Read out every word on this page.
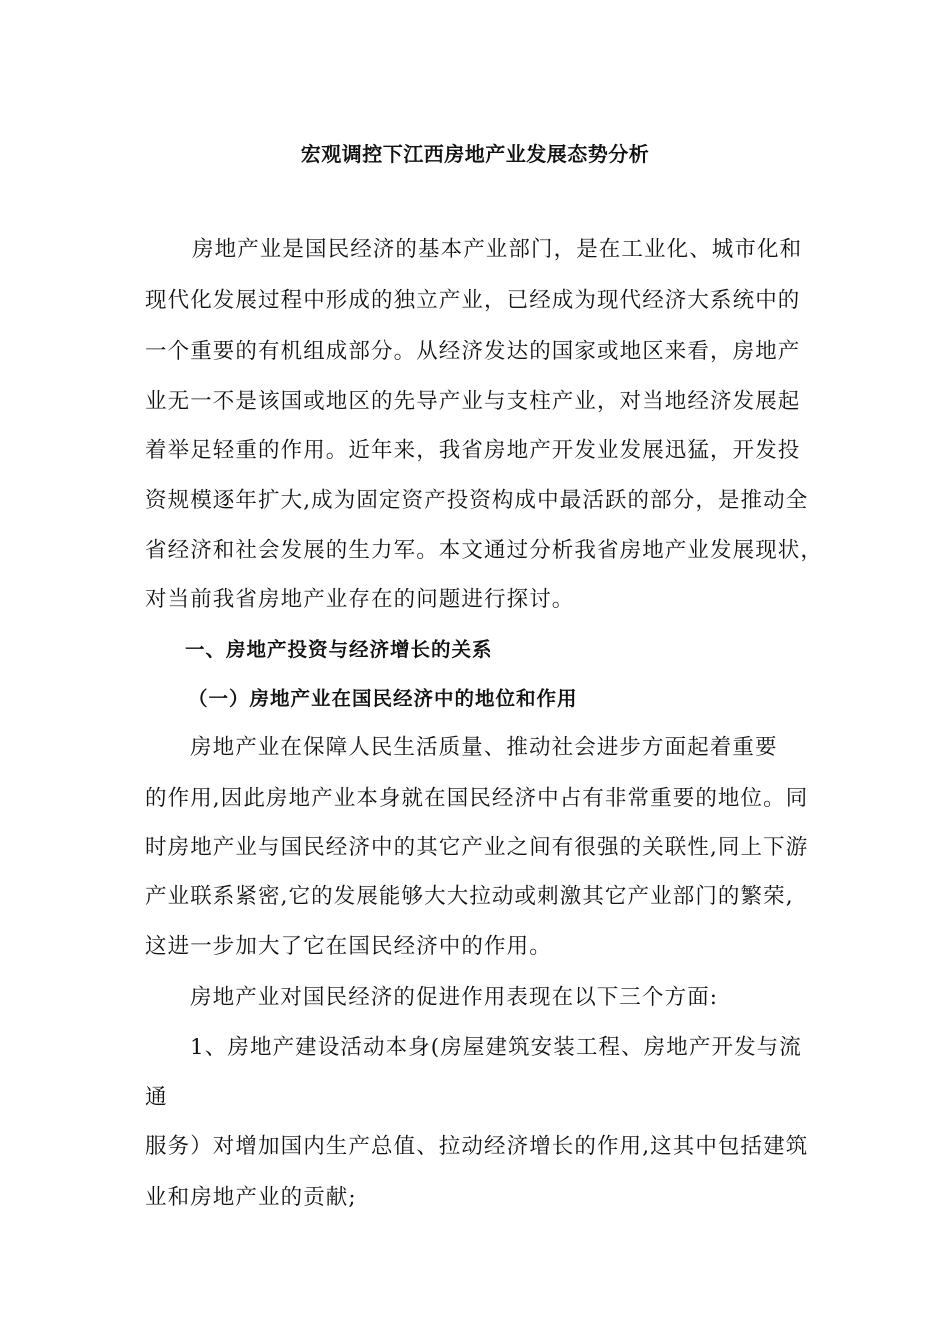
宏观调控下江西房地产业发展态势分析
房地产业是国民经济的基本产业部门，是在工业化、城市化和
现代化发展过程中形成的独立产业，已经成为现代经济大系统中的
一个重要的有机组成部分。从经济发达的国家或地区来看，房地产
业无一不是该国或地区的先导产业与支柱产业，对当地经济发展起
着举足轻重的作用。近年来，我省房地产开发业发展迅猛，开发投
资规模逐年扩大,成为固定资产投资构成中最活跃的部分，是推动全
省经济和社会发展的生力军。本文通过分析我省房地产业发展现状，
对当前我省房地产业存在的问题进行探讨。
一、房地产投资与经济增长的关系
（一）房地产业在国民经济中的地位和作用
房地产业在保障人民生活质量、推动社会进步方面起着重要
的作用,因此房地产业本身就在国民经济中占有非常重要的地位。同
时房地产业与国民经济中的其它产业之间有很强的关联性,同上下游
产业联系紧密,它的发展能够大大拉动或刺激其它产业部门的繁荣,
这进一步加大了它在国民经济中的作用。
房地产业对国民经济的促进作用表现在以下三个方面:
1、房地产建设活动本身(房屋建筑安装工程、房地产开发与流
通
服务）对增加国内生产总值、拉动经济增长的作用,这其中包括建筑
业和房地产业的贡献;
